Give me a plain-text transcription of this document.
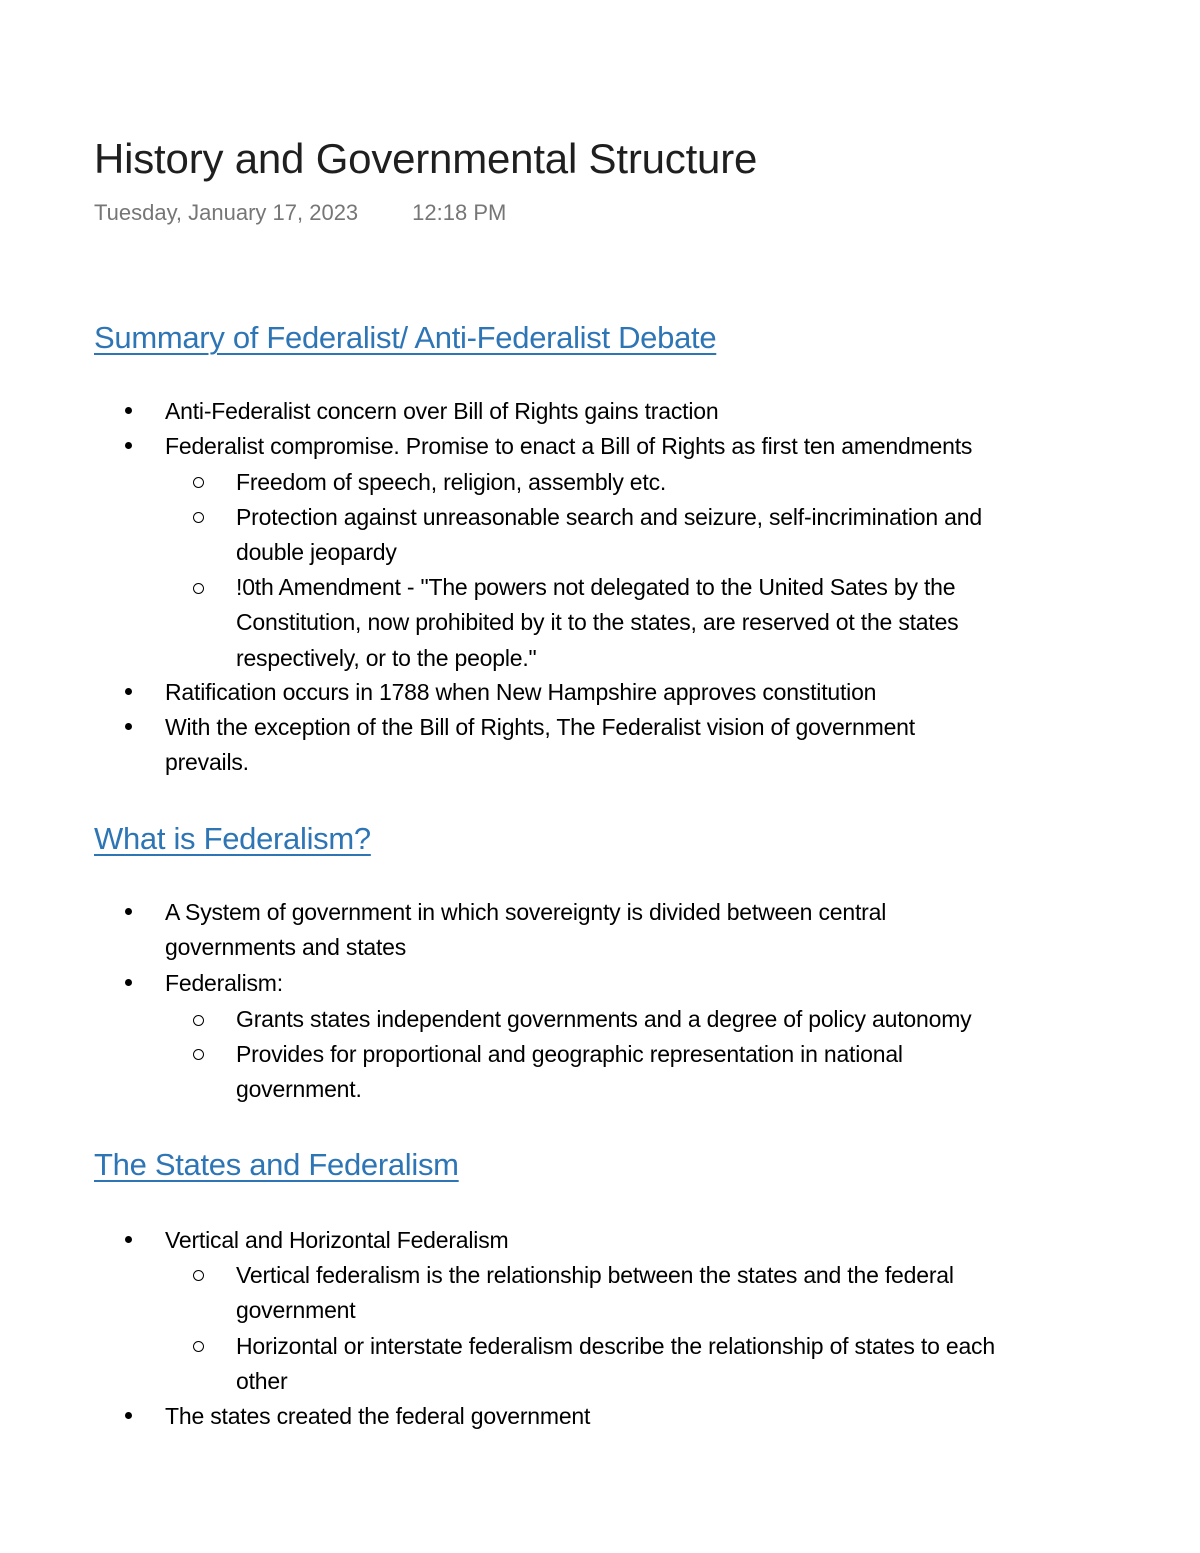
History and Governmental Structure
Tuesday, January 17, 2023 12:18 PM
Summary of Federalist/ Anti-Federalist Debate
Anti-Federalist concern over Bill of Rights gains traction
Federalist compromise. Promise to enact a Bill of Rights as first ten amendments
Freedom of speech, religion, assembly etc.
Protection against unreasonable search and seizure, self-incrimination and
double jeopardy
!0th Amendment - "The powers not delegated to the United Sates by the
Constitution, now prohibited by it to the states, are reserved ot the states
respectively, or to the people."
Ratification occurs in 1788 when New Hampshire approves constitution
With the exception of the Bill of Rights, The Federalist vision of government
prevails.
What is Federalism?
A System of government in which sovereignty is divided between central
governments and states
Federalism:
Grants states independent governments and a degree of policy autonomy
Provides for proportional and geographic representation in national
government.
The States and Federalism
Vertical and Horizontal Federalism
Vertical federalism is the relationship between the states and the federal
government
Horizontal or interstate federalism describe the relationship of states to each
other
The states created the federal government
